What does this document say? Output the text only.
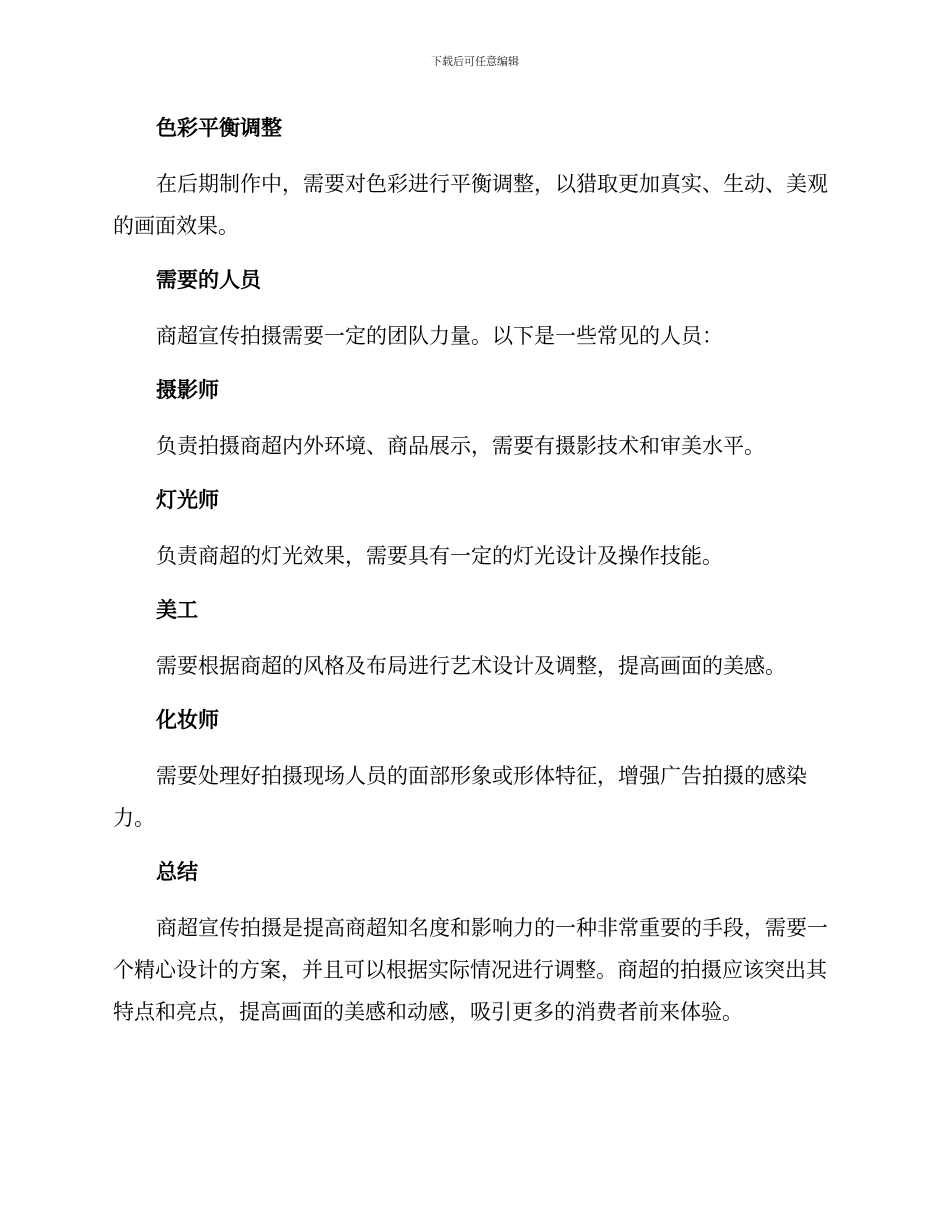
下载后可任意编辑
色彩平衡调整
在后期制作中，需要对色彩进行平衡调整，以猎取更加真实、生动、美观的画面效果。
需要的人员
商超宣传拍摄需要一定的团队力量。以下是一些常见的人员：
摄影师
负责拍摄商超内外环境、商品展示，需要有摄影技术和审美水平。
灯光师
负责商超的灯光效果，需要具有一定的灯光设计及操作技能。
美工
需要根据商超的风格及布局进行艺术设计及调整，提高画面的美感。
化妆师
需要处理好拍摄现场人员的面部形象或形体特征，增强广告拍摄的感染力。
总结
商超宣传拍摄是提高商超知名度和影响力的一种非常重要的手段，需要一个精心设计的方案，并且可以根据实际情况进行调整。商超的拍摄应该突出其特点和亮点，提高画面的美感和动感，吸引更多的消费者前来体验。
